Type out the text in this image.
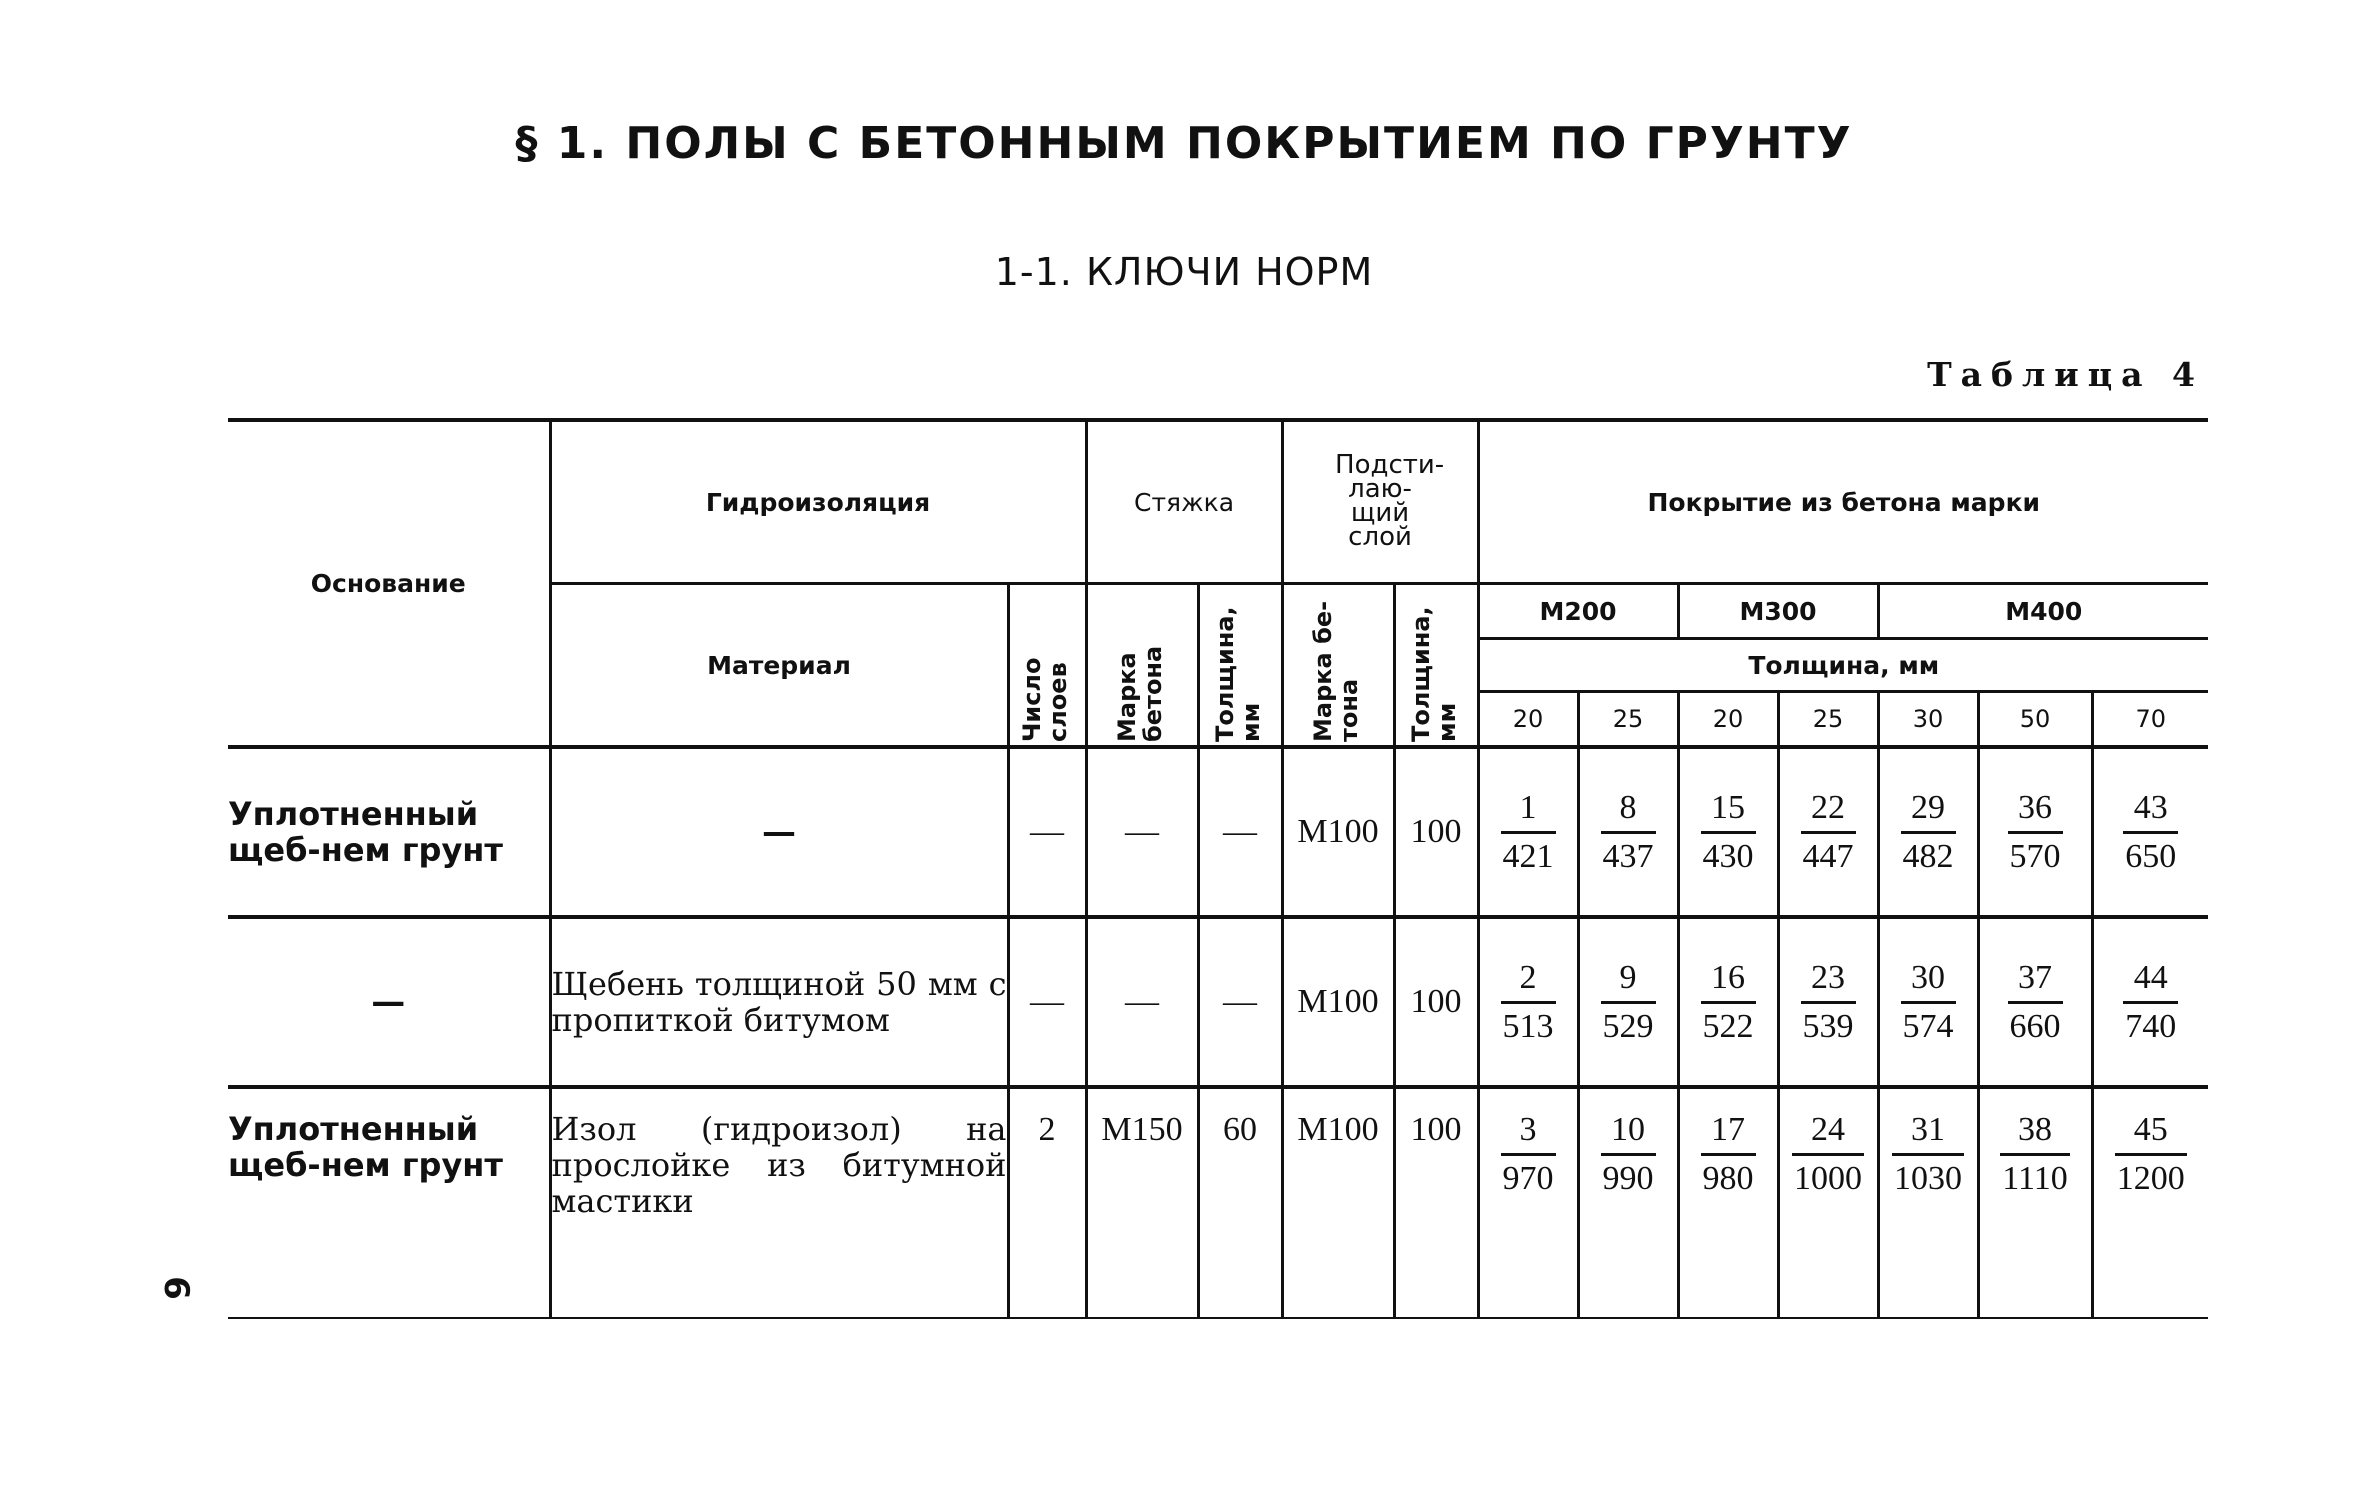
§ 1. ПОЛЫ С БЕТОННЫМ ПОКРЫТИЕМ ПО ГРУНТУ
1-1. КЛЮЧИ НОРМ
Таблица 4
6
Основание	Гидроизоляция		Стяжка		Подсти- лаю- щий слой		Покрытие из бетона марки						
	Материал	Число слоев	Марка бетона	Толщина, мм	Марка бе- тона	Толщина, мм	М200		М300		М400		
							Толщина, мм						
							20	25	20	25	30	50	70
Уплотненный щеб-нем грунт	—	—	—	—	М100	100	$\frac{1}{421}$	$\frac{8}{437}$	$\frac{15}{430}$	$\frac{22}{447}$	$\frac{29}{482}$	$\frac{36}{570}$	$\frac{43}{650}$

—	Щебень толщиной 50 мм с пропиткой битумом	—	—	—	М100	100	$\frac{2}{513}$	$\frac{9}{529}$	$\frac{16}{522}$	$\frac{23}{539}$	$\frac{30}{574}$	$\frac{37}{660}$	$\frac{44}{740}$

Уплотненный щеб-нем грунт	Изол (гидроизол) на прослойке из битумной мастики	2	М150	60	М100	100	$\frac{3}{970}$	$\frac{10}{990}$	$\frac{17}{980}$	$\frac{24}{1000}$	$\frac{31}{1030}$	$\frac{38}{1110}$	$\frac{45}{1200}$
